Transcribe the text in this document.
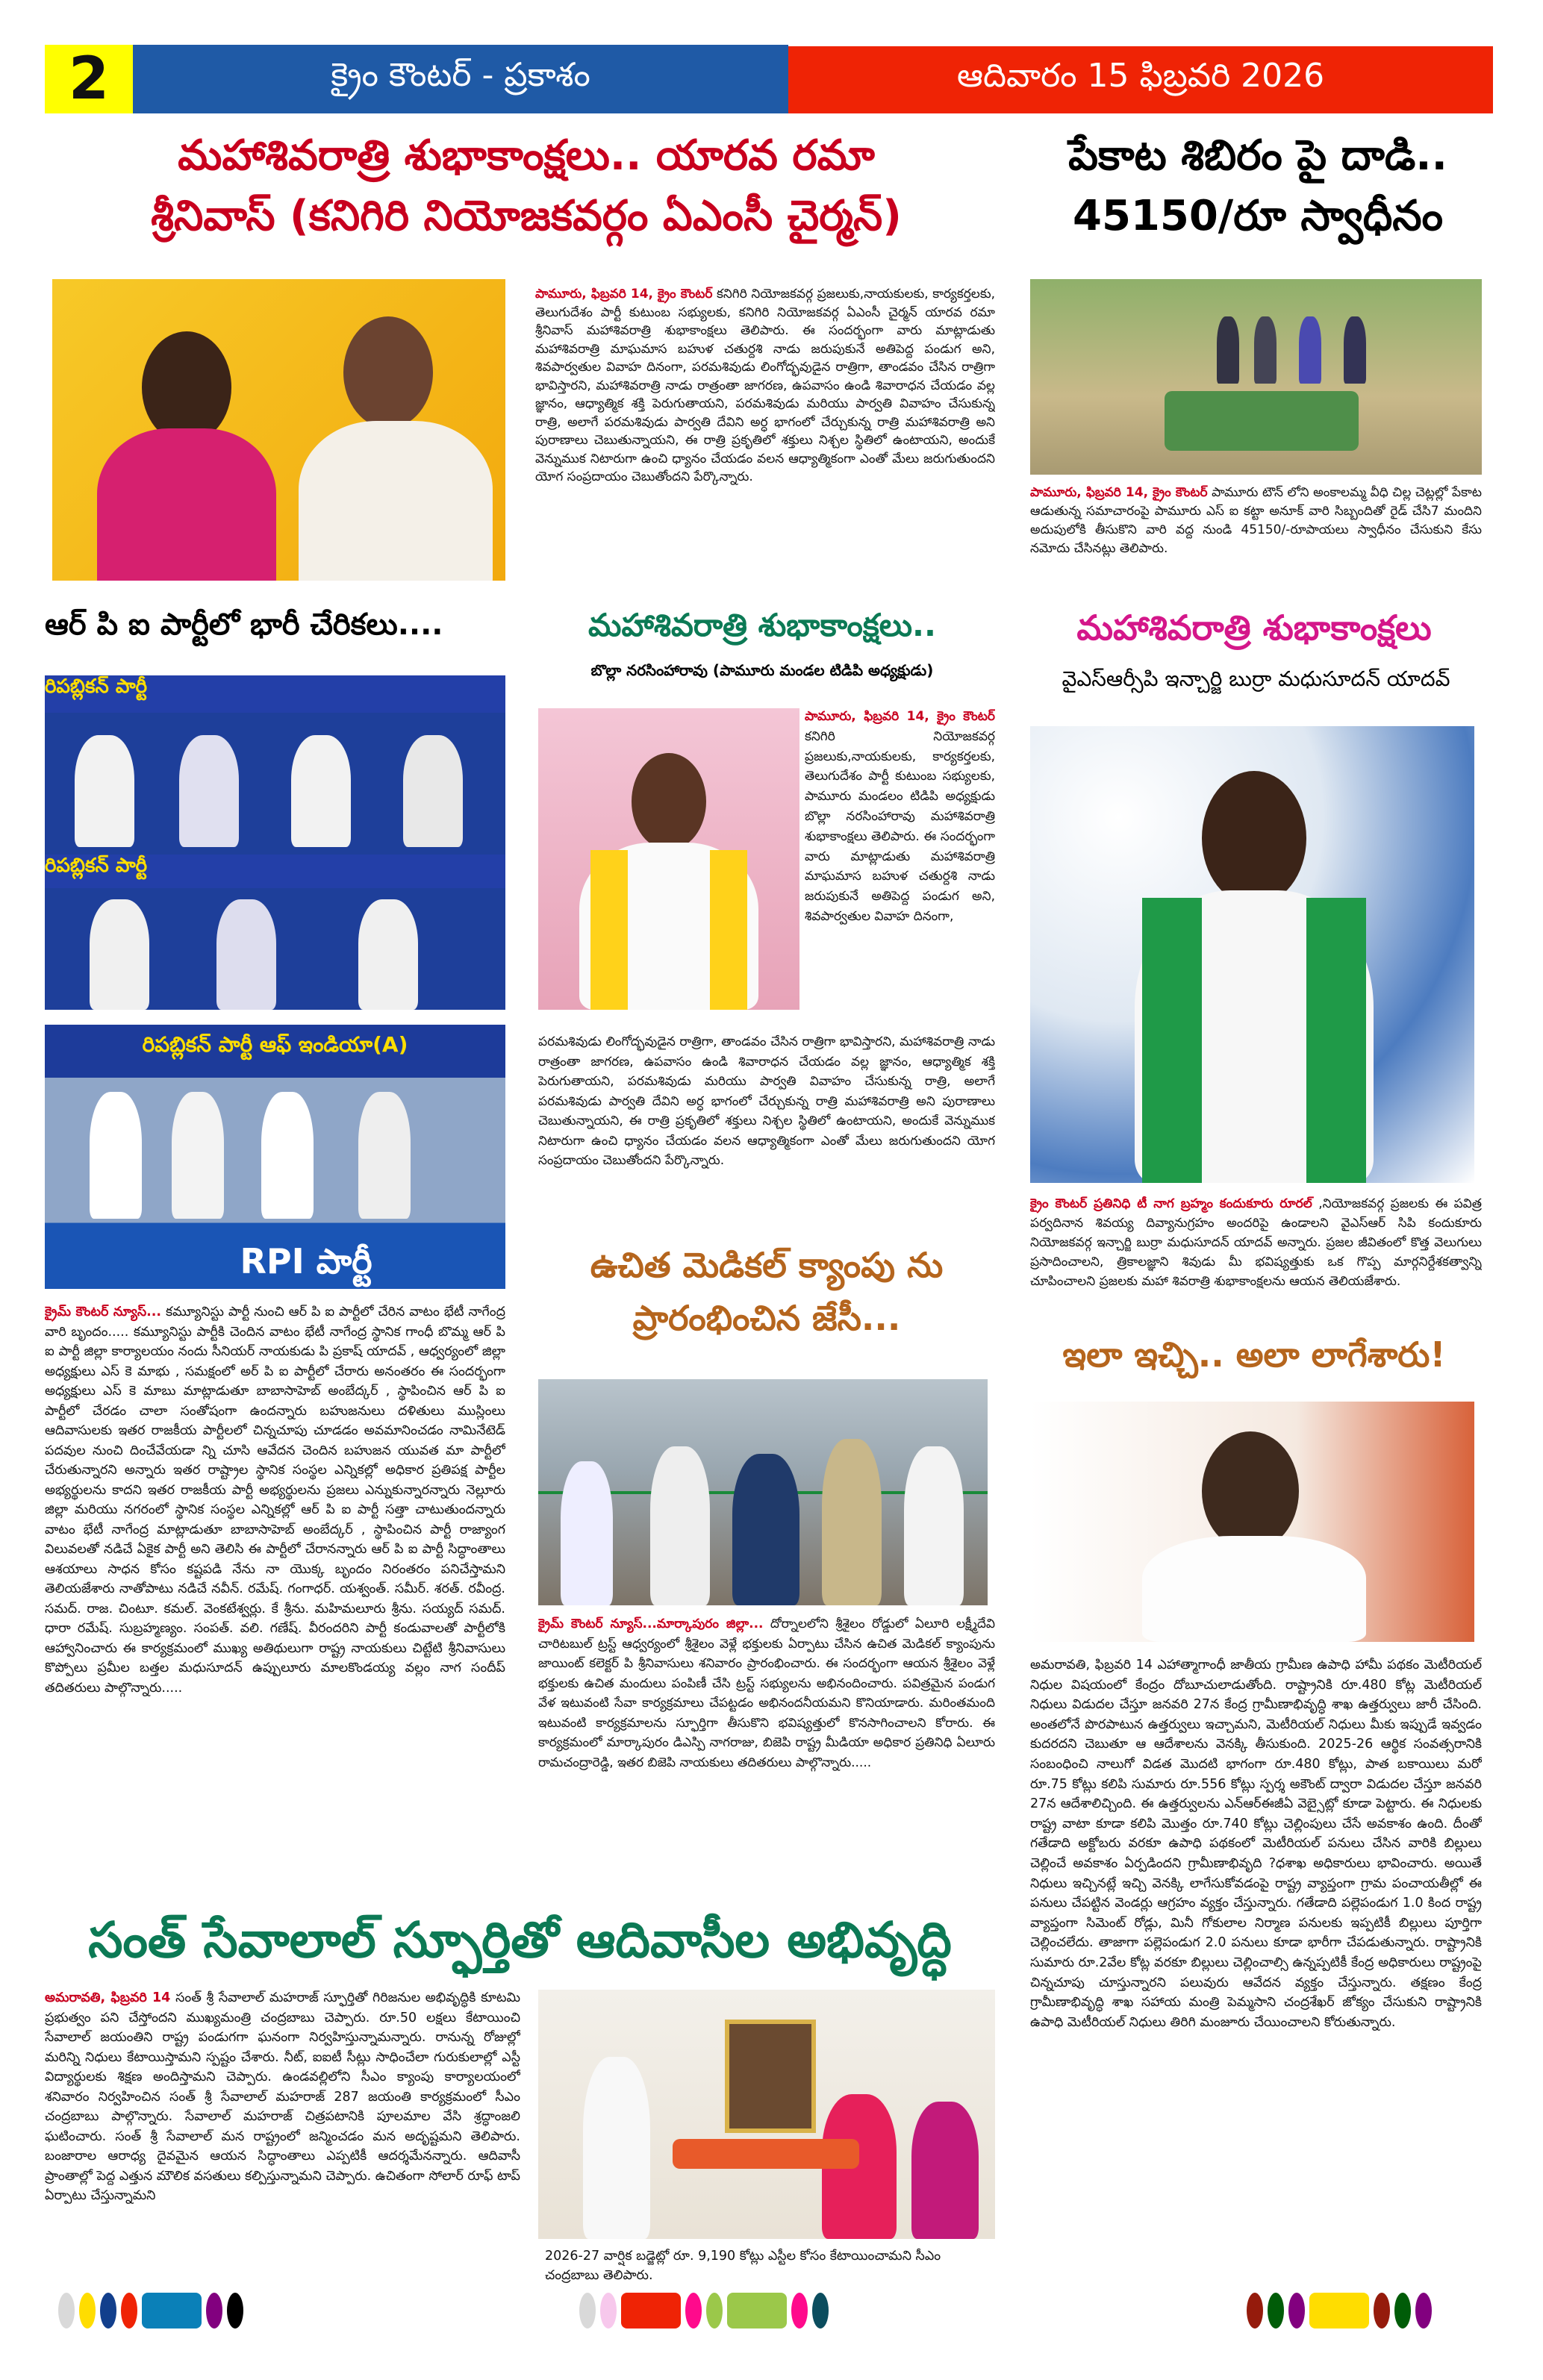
2	క్రైం కౌంటర్ - ప్రకాశం	ఆదివారం 15 ఫిబ్రవరి 2026
మహాశివరాత్రి శుభాకాంక్షలు.. యారవ రమా
శ్రీనివాస్ (కనిగిరి నియోజకవర్గం ఏఎంసీ చైర్మన్)
పేకాట శిబిరం పై దాడి..
45150/రూ స్వాధీనం
పామూరు, ఫిబ్రవరి 14, క్రైం కౌంటర్ కనిగిరి నియోజకవర్గ ప్రజలుకు,నాయకులకు, కార్యకర్తలకు, తెలుగుదేశం పార్టీ కుటుంబ సభ్యులకు, కనిగిరి నియోజకవర్గ ఏఎంసీ చైర్మన్ యారవ రమా శ్రీనివాస్ మహాశివరాత్రి శుభాకాంక్షలు తెలిపారు. ఈ సందర్భంగా వారు మాట్లాడుతు మహాశివరాత్రి మాఘమాస బహుళ చతుర్దశి నాడు జరుపుకునే అతిపెద్ద పండుగ అని, శివపార్వతుల వివాహ దినంగా, పరమశివుడు లింగోద్భవుడైన రాత్రిగా, తాండవం చేసిన రాత్రిగా భావిస్తారని, మహాశివరాత్రి నాడు రాత్రంతా జాగరణ, ఉపవాసం ఉండి శివారాధన చేయడం వల్ల జ్ఞానం, ఆధ్యాత్మిక శక్తి పెరుగుతాయని, పరమశివుడు మరియు పార్వతి వివాహం చేసుకున్న రాత్రి, అలాగే పరమశివుడు పార్వతి దేవిని అర్ధ భాగంలో చేర్చుకున్న రాత్రి మహాశివరాత్రి అని పురాణాలు చెబుతున్నాయని, ఈ రాత్రి ప్రకృతిలో శక్తులు నిశ్చల స్థితిలో ఉంటాయని, అందుకే వెన్నుముక నిటారుగా ఉంచి ధ్యానం చేయడం వలన ఆధ్యాత్మికంగా ఎంతో మేలు జరుగుతుందని యోగ సంప్రదాయం చెబుతోందని పేర్కొన్నారు.
పామూరు, ఫిబ్రవరి 14, క్రైం కౌంటర్ పామూరు టౌన్ లోని అంకాలమ్మ వీధి చిల్ల చెట్లల్లో పేకాట ఆడుతున్న సమాచారంపై పామూరు ఎస్ ఐ కట్టా అనూక్ వారి సిబ్బందితో రైడ్ చేసి7 మందిని అదుపులోకి తీసుకొని వారి వద్ద నుండి 45150/-రూపాయలు స్వాధీనం చేసుకుని కేసు నమోదు చేసినట్లు తెలిపారు.
ఆర్ పి ఐ పార్టీలో భారీ చేరికలు....	మహాశివరాత్రి శుభాకాంక్షలు..
బొల్లా నరసింహారావు (పామూరు మండల టిడిపి అధ్యక్షుడు)
మహాశివరాత్రి శుభాకాంక్షలు
వైఎస్ఆర్సీపి ఇన్చార్జి బుర్రా మధుసూదన్ యాదవ్
రిపబ్లికన్ పార్టీ
రిపబ్లికన్ పార్టీ
రిపబ్లికన్ పార్టీ ఆఫ్ ఇండియా(A)
RPI పార్టీ
క్రైమ్ కౌంటర్ న్యూస్... కమ్యూనిస్టు పార్టీ నుంచి ఆర్ పి ఐ పార్టీలో చేరిన వాటం భేటీ నాగేంద్ర వారి బృందం..... కమ్యూనిస్టు పార్టీకి చెందిన వాటం భేటీ నాగేంద్ర స్థానిక గాంధీ బొమ్మ ఆర్ పి ఐ పార్టీ జిల్లా కార్యాలయం నందు సీనియర్ నాయకుడు పి ప్రకాష్ యాదవ్ , ఆధ్వర్యంలో జిల్లా అధ్యక్షులు ఎస్ కె మాభు , సమక్షంలో అర్ పి ఐ పార్టీలో చేరారు అనంతరం ఈ సందర్భంగా అధ్యక్షులు ఎస్ కె మాబు మాట్లాడుతూ బాబాసాహెబ్ అంబేద్కర్ , స్థాపించిన ఆర్ పి ఐ పార్టీలో చేరడం చాలా సంతోషంగా ఉందన్నారు బహుజనులు దళితులు ముస్లింలు ఆదివాసులకు ఇతర రాజకీయ పార్టీలలో చిన్నచూపు చూడడం అవమానించడం నామినేటెడ్ పదవుల నుంచి దించేవేయడా న్ని చూసి ఆవేదన చెందిన బహుజన యువత మా పార్టీలో చేరుతున్నారని అన్నారు ఇతర రాష్ట్రాల స్థానిక సంస్థల ఎన్నికల్లో అధికార ప్రతిపక్ష పార్టీల అభ్యర్థులను కాదని ఇతర రాజకీయ పార్టీ అభ్యర్థులను ప్రజలు ఎన్నుకున్నారన్నారు నెల్లూరు జిల్లా మరియు నగరంలో స్థానిక సంస్థల ఎన్నికల్లో ఆర్ పి ఐ పార్టీ సత్తా చాటుతుందన్నారు వాటం భేటీ నాగేంద్ర మాట్లాడుతూ బాబాసాహెబ్ అంబేద్కర్ , స్థాపించిన పార్టీ రాజ్యాంగ విలువలతో నడిచే ఏకైక పార్టీ అని తెలిసి ఈ పార్టీలో చేరానన్నారు ఆర్ పి ఐ పార్టీ సిద్ధాంతాలు ఆశయాలు సాధన కోసం కష్టపడి నేను నా యొక్క బృందం నిరంతరం పనిచేస్తామని తెలియజేశారు నాతోపాటు నడిచే నవీన్. రమేష్. గంగాధర్. యశ్వంత్. సమీర్. శరత్. రవీంద్ర. సమద్. రాజ. చింటూ. కమల్. వెంకటేశ్వర్లు. కే శ్రీను. మహిమలూరు శ్రీను. సయ్యద్ సమద్. ధారా రమేష్. సుబ్రహ్మణ్యం. సంపత్. వలి. గణేష్. వీరందరిని పార్టీ కండువాలతో పార్టీలోకి ఆహ్వానించారు ఈ కార్యక్రమంలో ముఖ్య అతిథులుగా రాష్ట్ర నాయకులు చిట్టేటి శ్రీనివాసులు కొప్పోలు ప్రమీల బత్తల మధుసూదన్ ఉప్పులూరు మాలకొండయ్య వల్లం నాగ సందీప్ తదితరులు పాల్గొన్నారు.....
పామూరు, ఫిబ్రవరి 14, క్రైం కౌంటర్ కనిగిరి నియోజకవర్గ ప్రజలుకు,నాయకులకు, కార్యకర్తలకు, తెలుగుదేశం పార్టీ కుటుంబ సభ్యులకు, పామూరు మండలం టిడిపి అధ్యక్షుడు బొల్లా నరసింహారావు మహాశివరాత్రి శుభాకాంక్షలు తెలిపారు. ఈ సందర్భంగా వారు మాట్లాడుతు మహాశివరాత్రి మాఘమాస బహుళ చతుర్దశి నాడు జరుపుకునే అతిపెద్ద పండుగ అని, శివపార్వతుల వివాహ దినంగా,
పరమశివుడు లింగోద్భవుడైన రాత్రిగా, తాండవం చేసిన రాత్రిగా భావిస్తారని, మహాశివరాత్రి నాడు రాత్రంతా జాగరణ, ఉపవాసం ఉండి శివారాధన చేయడం వల్ల జ్ఞానం, ఆధ్యాత్మిక శక్తి పెరుగుతాయని, పరమశివుడు మరియు పార్వతి వివాహం చేసుకున్న రాత్రి, అలాగే పరమశివుడు పార్వతి దేవిని అర్ధ భాగంలో చేర్చుకున్న రాత్రి మహాశివరాత్రి అని పురాణాలు చెబుతున్నాయని, ఈ రాత్రి ప్రకృతిలో శక్తులు నిశ్చల స్థితిలో ఉంటాయని, అందుకే వెన్నుముక నిటారుగా ఉంచి ధ్యానం చేయడం వలన ఆధ్యాత్మికంగా ఎంతో మేలు జరుగుతుందని యోగ సంప్రదాయం చెబుతోందని పేర్కొన్నారు.
ఉచిత మెడికల్ క్యాంపు ను
ప్రారంభించిన జేసీ...
క్రైమ్ కౌంటర్ న్యూస్...మార్కాపురం జిల్లా... దోర్నాలలోని శ్రీశైలం రోడ్డులో ఏలూరి లక్ష్మీదేవి చారిటబుల్ ట్రస్ట్ ఆధ్వర్యంలో శ్రీశైలం వెళ్లే భక్తులకు ఏర్పాటు చేసిన ఉచిత మెడికల్ క్యాంపును జాయింట్ కలెక్టర్ పి శ్రీనివాసులు శనివారం ప్రారంభించారు. ఈ సందర్భంగా ఆయన శ్రీశైలం వెళ్లే భక్తులకు ఉచిత మందులు పంపిణీ చేసి ట్రస్ట్ సభ్యులను అభినందించారు. పవిత్రమైన పండుగ వేళ ఇటువంటి సేవా కార్యక్రమాలు చేపట్టడం అభినందనీయమని కొనియాడారు. మరింతమంది ఇటువంటి కార్యక్రమాలను స్ఫూర్తిగా తీసుకొని భవిష్యత్తులో కొనసాగించాలని కోరారు. ఈ కార్యక్రమంలో మార్కాపురం డిఎస్పి నాగరాజు, బిజెపి రాష్ట్ర మీడియా అధికార ప్రతినిధి ఏలూరు రామచంద్రారెడ్డి, ఇతర బిజెపి నాయకులు తదితరులు పాల్గొన్నారు.....
క్రైం కౌంటర్ ప్రతినిధి టీ నాగ బ్రహ్మం కందుకూరు రూరల్ ,నియోజకవర్గ ప్రజలకు ఈ పవిత్ర పర్వదినాన శివయ్య దివ్యానుగ్రహం అందరిపై ఉండాలని వైఎస్ఆర్ సిపి కందుకూరు నియోజకవర్గ ఇన్చార్జి బుర్రా మధుసూదన్ యాదవ్ అన్నారు. ప్రజల జీవితంలో కొత్త వెలుగులు ప్రసాదించాలని, త్రికాలజ్ఞాని శివుడు మీ భవిష్యత్తుకు ఒక గొప్ప మార్గనిర్దేశకత్వాన్ని చూపించాలని ప్రజలకు మహా శివరాత్రి శుభాకాంక్షలను ఆయన తెలియజేశారు.
ఇలా ఇచ్చి.. అలా లాగేశారు!
అమరావతి, ఫిబ్రవరి 14 ఎహాత్మాగాంధీ జాతీయ గ్రామీణ ఉపాధి హామీ పథకం మెటీరియల్ నిధుల విషయంలో కేంద్రం దోబూచులాడుతోంది. రాష్ట్రానికి రూ.480 కోట్ల మెటీరియల్ నిధులు విడుదల చేస్తూ జనవరి 27న కేంద్ర గ్రామీణాభివృద్ధి శాఖ ఉత్తర్వులు జారీ చేసింది. అంతలోనే పొరపాటున ఉత్తర్వులు ఇచ్చామని, మెటీరియల్ నిధులు మీకు ఇప్పుడే ఇవ్వడం కుదరదని చెబుతూ ఆ ఆదేశాలను వెనక్కి తీసుకుంది. 2025-26 ఆర్థిక సంవత్సరానికి సంబంధించి నాలుగో విడత మొదటి భాగంగా రూ.480 కోట్లు, పాత బకాయిలు మరో రూ.75 కోట్లు కలిపి సుమారు రూ.556 కోట్లు స్పర్శ అకౌంట్ ద్వారా విడుదల చేస్తూ జనవరి 27న ఆదేశాలిచ్చింది. ఈ ఉత్తర్వులను ఎన్ఆర్ఈజీఏ వెబ్సైట్లో కూడా పెట్టారు. ఈ నిధులకు రాష్ట్ర వాటా కూడా కలిపి మొత్తం రూ.740 కోట్లు చెల్లింపులు చేసే అవకాశం ఉంది. దీంతో గతేడాది అక్టోబరు వరకూ ఉపాధి పథకంలో మెటీరియల్ పనులు చేసిన వారికి బిల్లులు చెల్లించే అవకాశం ఏర్పడిందని గ్రామీణాభివృది ?ధశాఖ అధికారులు భావించారు. అయితే నిధులు ఇచ్చినట్లే ఇచ్చి వెనక్కి లాగేసుకోవడంపై రాష్ట్ర వ్యాప్తంగా గ్రామ పంచాయతీల్లో ఈ పనులు చేపట్టిన వెండర్లు ఆగ్రహం వ్యక్తం చేస్తున్నారు. గతేడాది పల్లెపండుగ 1.0 కింద రాష్ట్ర వ్యాప్తంగా సిమెంట్ రోడ్లు, మినీ గోకులాల నిర్మాణ పనులకు ఇప్పటికీ బిల్లులు పూర్తిగా చెల్లించలేదు. తాజాగా పల్లెపండుగ 2.0 పనులు కూడా భారీగా చేపడుతున్నారు. రాష్ట్రానికి సుమారు రూ.2వేల కోట్ల వరకూ బిల్లులు చెల్లించాల్సి ఉన్నప్పటికీ కేంద్ర అధికారులు రాష్ట్రంపై చిన్నచూపు చూస్తున్నారని పలువురు ఆవేదన వ్యక్తం చేస్తున్నారు. తక్షణం కేంద్ర గ్రామీణాభివృద్ధి శాఖ సహాయ మంత్రి పెమ్మసాని చంద్రశేఖర్ జోక్యం చేసుకుని రాష్ట్రానికి ఉపాధి మెటీరియల్ నిధులు తిరిగి మంజూరు చేయించాలని కోరుతున్నారు.
సంత్ సేవాలాల్ స్ఫూర్తితో ఆదివాసీల అభివృద్ధి
అమరావతి, ఫిబ్రవరి 14 సంత్ శ్రీ సేవాలాల్ మహరాజ్ స్ఫూర్తితో గిరిజనుల అభివృద్ధికి కూటమి ప్రభుత్వం పని చేస్తోందని ముఖ్యమంత్రి చంద్రబాబు చెప్పారు. రూ.50 లక్షలు కేటాయించి సేవాలాల్ జయంతిని రాష్ట్ర పండుగగా ఘనంగా నిర్వహిస్తున్నామన్నారు. రానున్న రోజుల్లో మరిన్ని నిధులు కేటాయిస్తామని స్పష్టం చేశారు. నీట్, ఐఐటీ సీట్లు సాధించేలా గురుకులాల్లో ఎస్టీ విద్యార్థులకు శిక్షణ అందిస్తామని చెప్పారు. ఉండవల్లిలోని సీఎం క్యాంపు కార్యాలయంలో శనివారం నిర్వహించిన సంత్ శ్రీ సేవాలాల్ మహరాజ్ 287 జయంతి కార్యక్రమంలో సీఎం చంద్రబాబు పాల్గొన్నారు. సేవాలాల్ మహరాజ్ చిత్రపటానికి పూలమాల వేసి శ్రద్ధాంజలి ఘటించారు. సంత్ శ్రీ సేవాలాల్ మన రాష్ట్రంలో జన్మించడం మన అదృష్టమని తెలిపారు. బంజారాల ఆరాధ్య దైవమైన ఆయన సిద్ధాంతాలు ఎప్పటికీ ఆదర్శమేనన్నారు. ఆదివాసీ ప్రాంతాల్లో పెద్ద ఎత్తున మౌలిక వసతులు కల్పిస్తున్నామని చెప్పారు. ఉచితంగా సోలార్ రూఫ్ టాప్ ఏర్పాటు చేస్తున్నామని
2026-27 వార్షిక బడ్జెట్లో రూ. 9,190 కోట్లు ఎస్టీల కోసం కేటాయించామని సీఎం చంద్రబాబు తెలిపారు.
